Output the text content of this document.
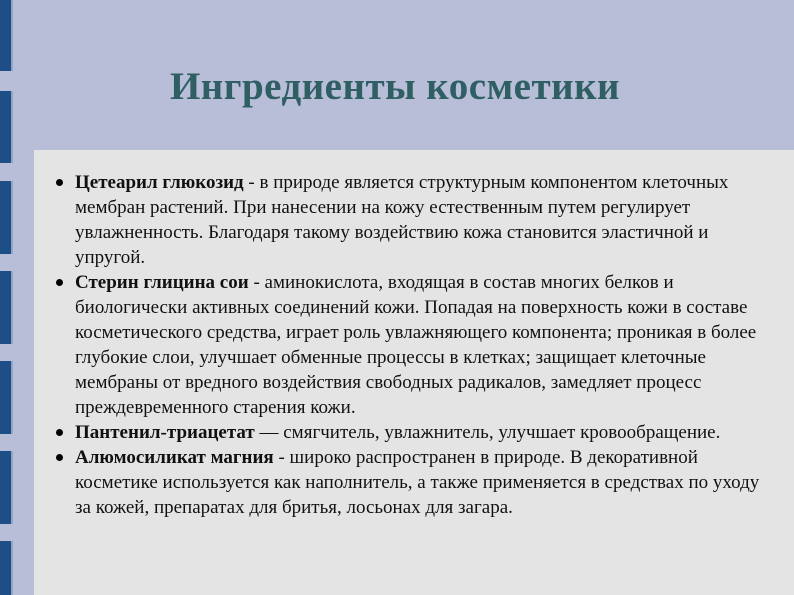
Ингредиенты косметики
Цетеарил глюкозид - в природе является структурным компонентом клеточных мембран растений. При нанесении на кожу естественным путем регулирует увлажненность. Благодаря такому воздействию кожа становится эластичной и упругой.
Стерин глицина сои - аминокислота, входящая в состав многих белков и биологически активных соединений кожи. Попадая на поверхность кожи в составе косметического средства, играет роль увлажняющего компонента; проникая в более глубокие слои, улучшает обменные процессы в клетках; защищает клеточные мембраны от вредного воздействия свободных радикалов, замедляет процесс преждевременного старения кожи.
Пантенил-триацетат — смягчитель, увлажнитель, улучшает кровообращение.
Алюмосиликат магния - широко распространен в природе. В декоративной косметике используется как наполнитель, а также применяется в средствах по уходу за кожей, препаратах для бритья, лосьонах для загара.
